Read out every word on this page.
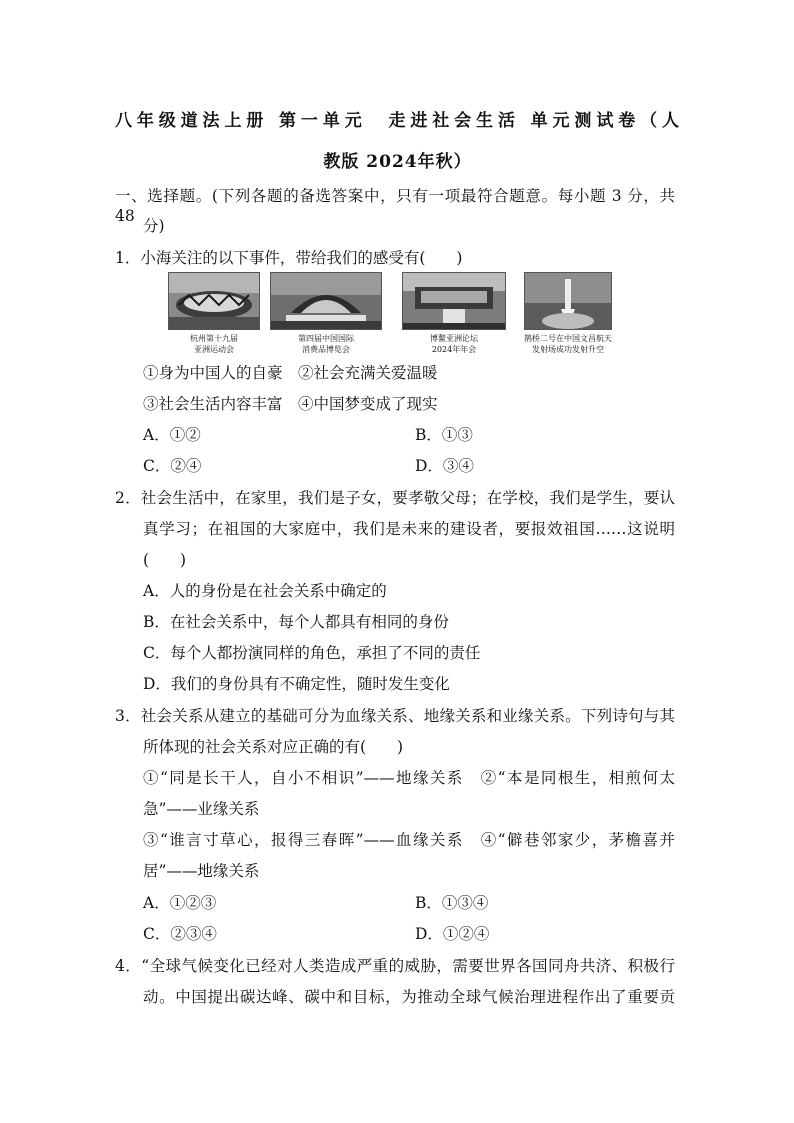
八年级道法上册 第一单元　走进社会生活 单元测试卷（人
教版 2024年秋）
一、选择题。(下列各题的备选答案中，只有一项最符合题意。每小题 3 分，共 48
分)
1．小海关注的以下事件，带给我们的感受有(　　)
杭州第十九届
亚洲运动会
第四届中国国际
消费品博览会
博鳌亚洲论坛
2024年年会
鹊桥二号在中国文昌航天
发射场成功发射升空
①身为中国人的自豪　②社会充满关爱温暖
③社会生活内容丰富　④中国梦变成了现实
A．①②	B．①③
C．②④	D．③④
2．社会生活中，在家里，我们是子女，要孝敬父母；在学校，我们是学生，要认
真学习；在祖国的大家庭中，我们是未来的建设者，要报效祖国……这说明
(　　)
A．人的身份是在社会关系中确定的
B．在社会关系中，每个人都具有相同的身份
C．每个人都扮演同样的角色，承担了不同的责任
D．我们的身份具有不确定性，随时发生变化
3．社会关系从建立的基础可分为血缘关系、地缘关系和业缘关系。下列诗句与其
所体现的社会关系对应正确的有(　　)
①“同是长干人，自小不相识”——地缘关系　②“本是同根生，相煎何太
急”——业缘关系
③“谁言寸草心，报得三春晖”——血缘关系　④“僻巷邻家少，茅檐喜并
居”——地缘关系
A．①②③	B．①③④
C．②③④	D．①②④
4．“全球气候变化已经对人类造成严重的威胁，需要世界各国同舟共济、积极行
动。中国提出碳达峰、碳中和目标，为推动全球气候治理进程作出了重要贡
